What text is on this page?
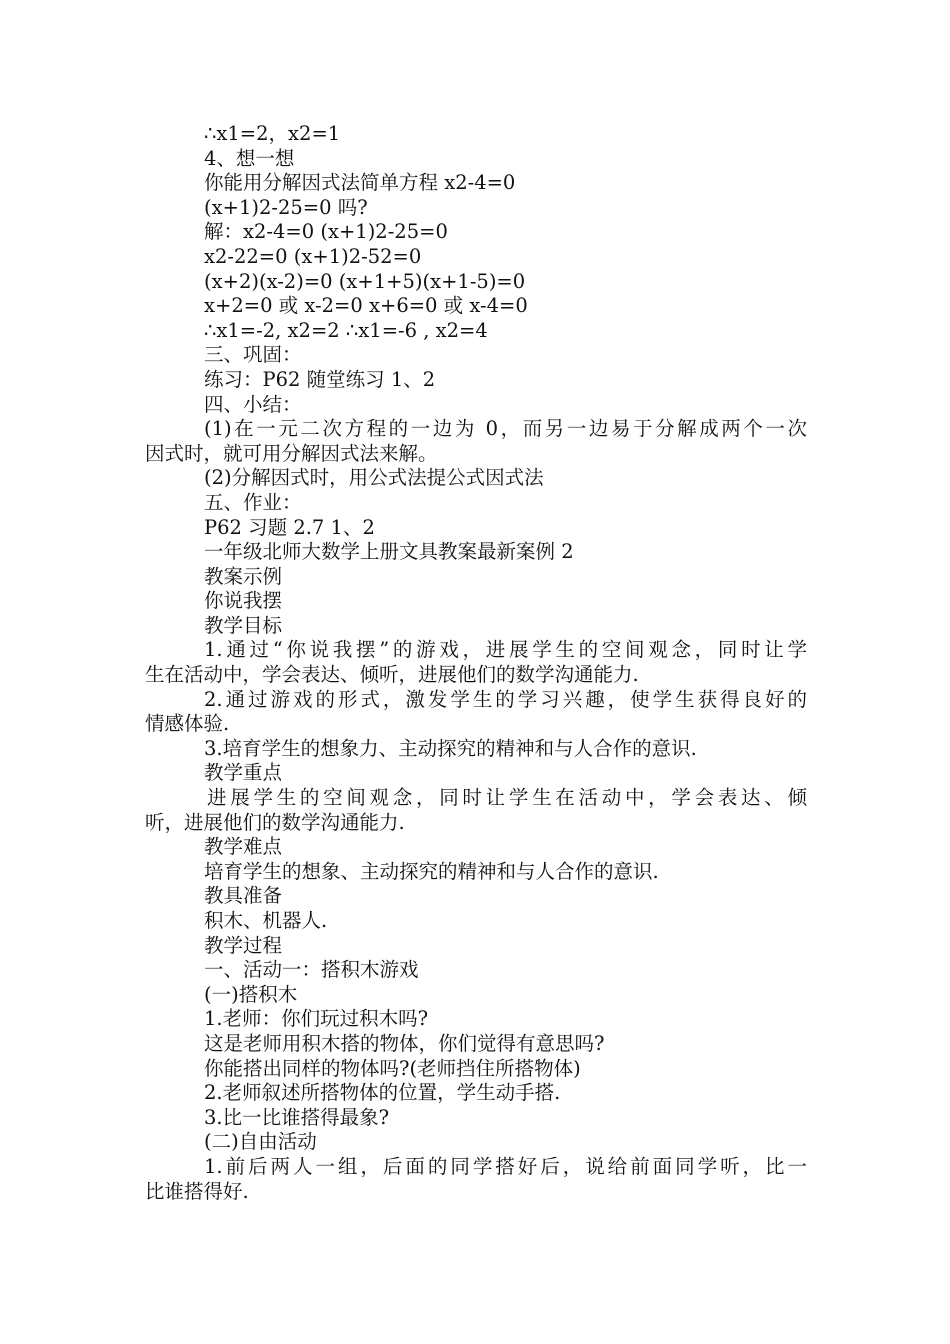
∴x1=2，x2=1
4、想一想
你能用分解因式法简单方程 x2-4=0
(x+1)2-25=0 吗?
解：x2-4=0 (x+1)2-25=0
x2-22=0 (x+1)2-52=0
(x+2)(x-2)=0 (x+1+5)(x+1-5)=0
x+2=0 或 x-2=0 x+6=0 或 x-4=0
∴x1=-2, x2=2 ∴x1=-6 , x2=4
三、巩固：
练习：P62 随堂练习 1、2
四、小结：
(1)在一元二次方程的一边为 0，而另一边易于分解成两个一次
因式时，就可用分解因式法来解。
(2)分解因式时，用公式法提公式因式法
五、作业：
P62 习题 2.7 1、2
一年级北师大数学上册文具教案最新案例 2
教案示例
你说我摆
教学目标
1.通过“你说我摆”的游戏，进展学生的空间观念，同时让学
生在活动中，学会表达、倾听，进展他们的数学沟通能力.
2.通过游戏的形式，激发学生的学习兴趣，使学生获得良好的
情感体验.
3.培育学生的想象力、主动探究的精神和与人合作的意识.
教学重点
进展学生的空间观念，同时让学生在活动中，学会表达、倾
听，进展他们的数学沟通能力.
教学难点
培育学生的想象、主动探究的精神和与人合作的意识.
教具准备
积木、机器人.
教学过程
一、活动一：搭积木游戏
(一)搭积木
1.老师：你们玩过积木吗?
这是老师用积木搭的物体，你们觉得有意思吗?
你能搭出同样的物体吗?(老师挡住所搭物体)
2.老师叙述所搭物体的位置，学生动手搭.
3.比一比谁搭得最象?
(二)自由活动
1.前后两人一组，后面的同学搭好后，说给前面同学听，比一
比谁搭得好.
